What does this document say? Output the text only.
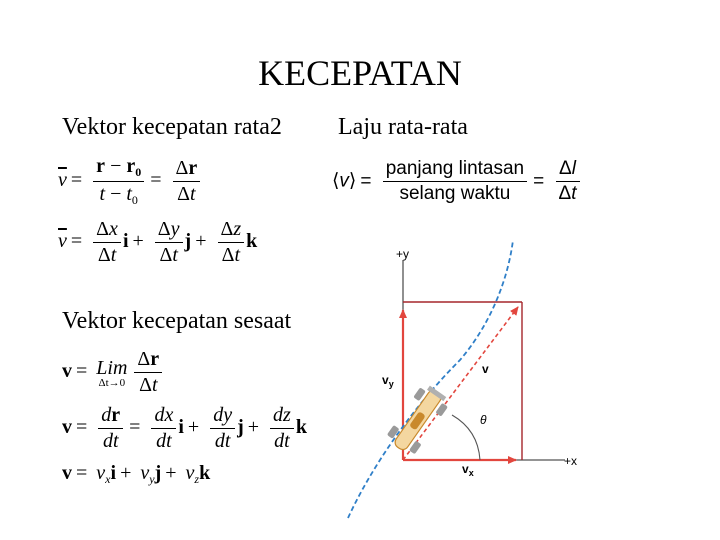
KECEPATAN
Vektor kecepatan rata2
$\overline{v} = \frac{r - r_0}{t - t_0} = \frac{\Delta r}{\Delta t}$
$\overline{v} = \frac{\Delta x}{\Delta t}$ $i + \frac{\Delta y}{\Delta t}$ $j + \frac{\Delta z}{\Delta t}$ k
Vektor kecepatan sesaat
v = Lim
Δt→0
$\frac{\Delta r}{\Delta t}$
$v = \frac{dr}{dt} = \frac{dx}{dt}$ $i + \frac{dy}{dt}$ $j + \frac{dz}{dt}$ k
$v = v_xi + v_yj + v_zk$
Laju rata-rata
⟨v⟩ = $\frac{\text{panjang lintasan}}{\text{selang waktu}} = \frac{\Delta l}{\Delta t}$
+y
+x
$v_y$
$v_x$
v
θ
